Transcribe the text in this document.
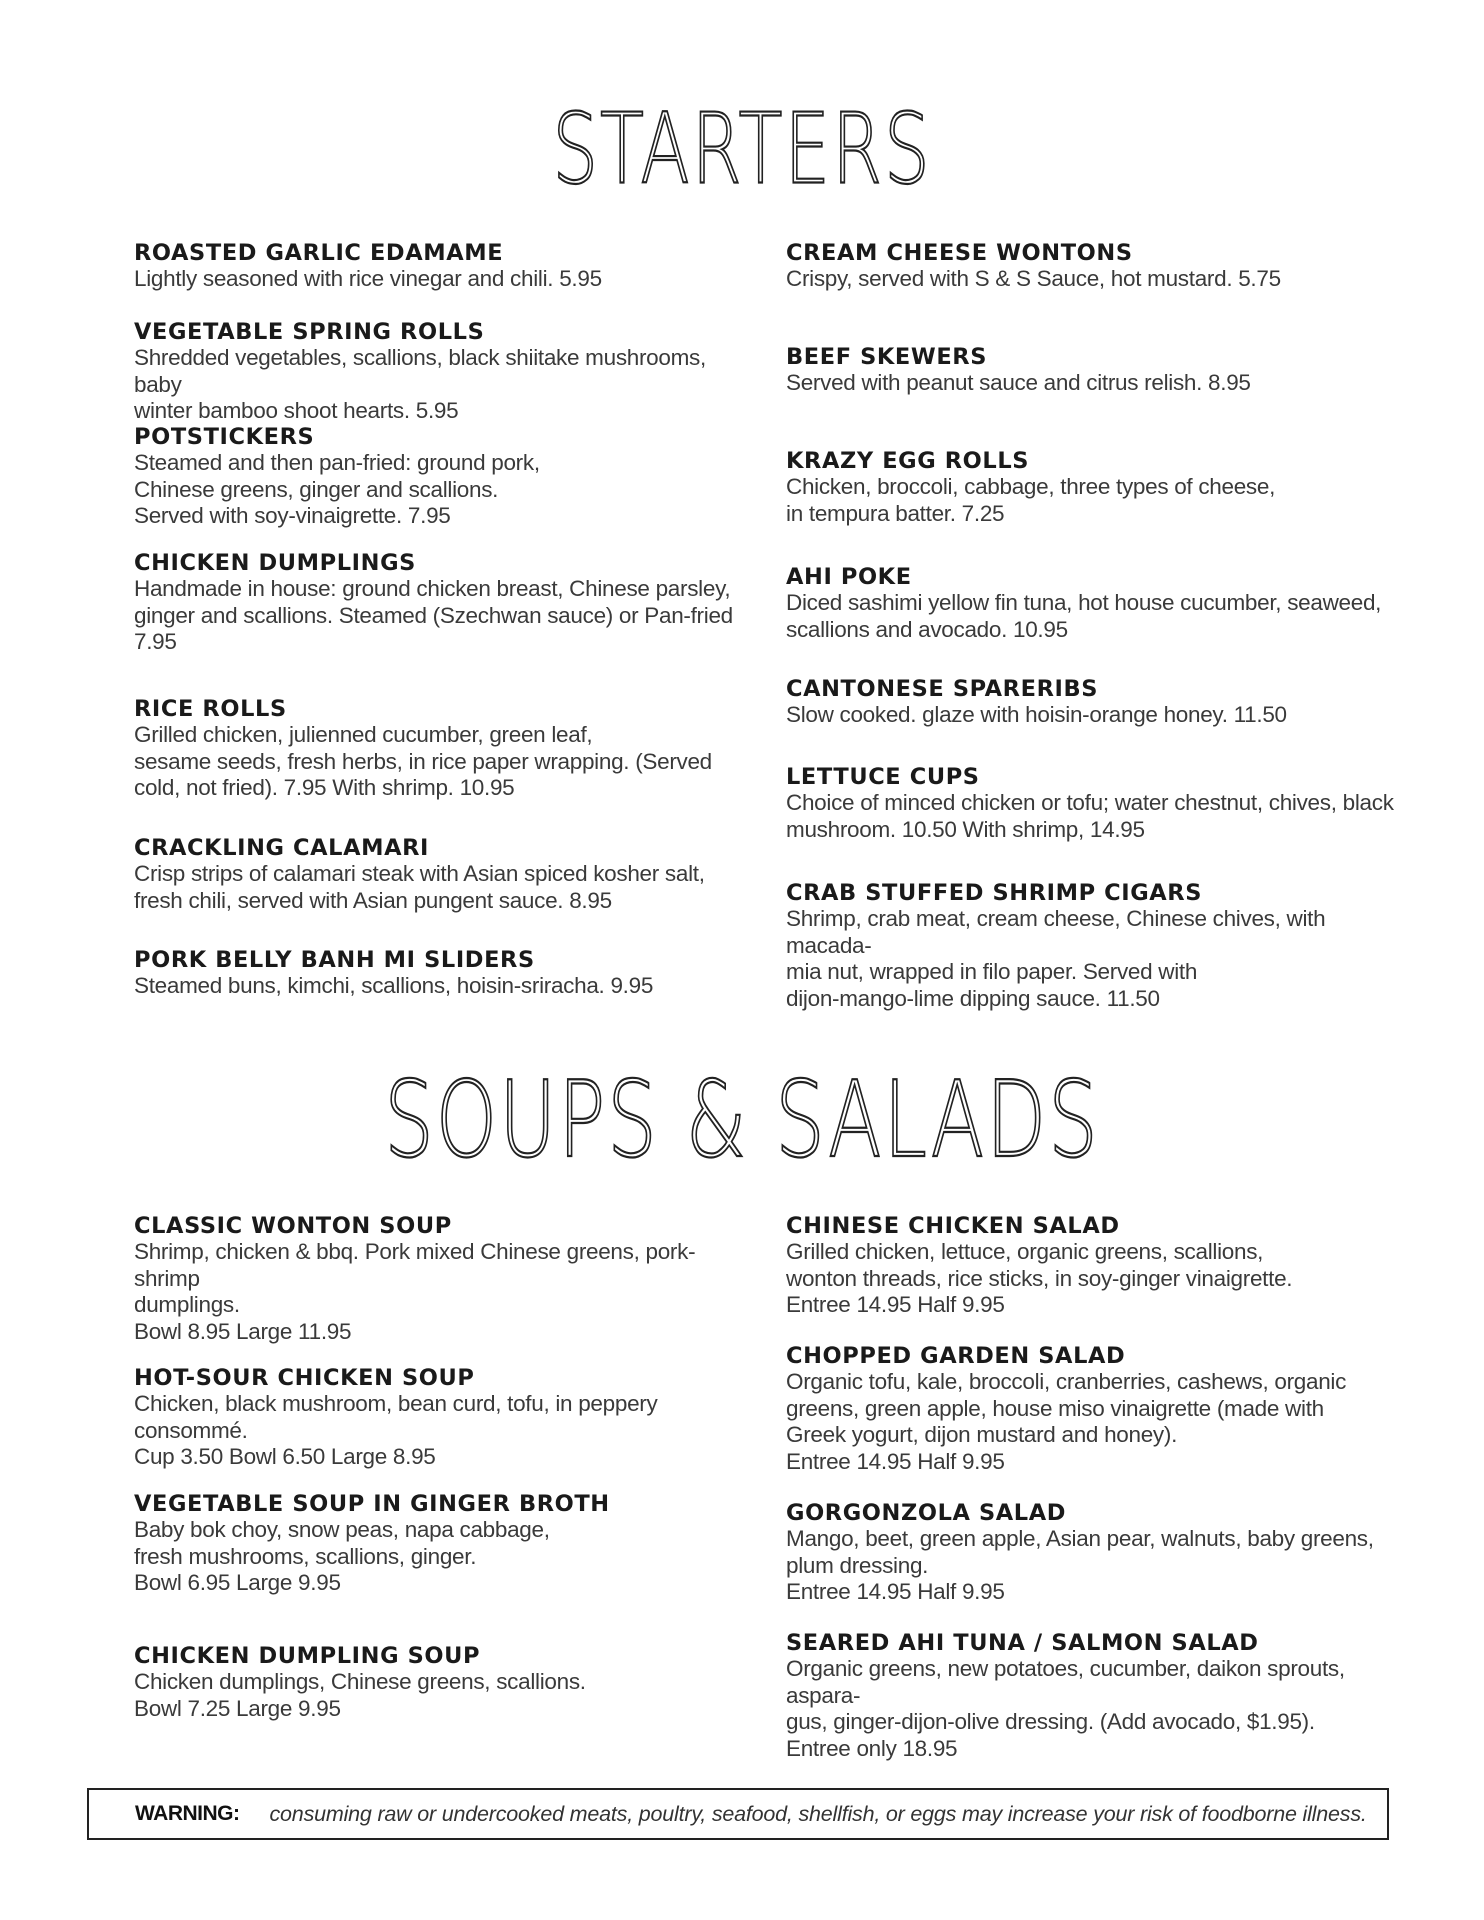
STARTERS
ROASTED GARLIC EDAMAME
Lightly seasoned with rice vinegar and chili. 5.95
VEGETABLE SPRING ROLLS
Shredded vegetables, scallions, black shiitake mushrooms, baby
winter bamboo shoot hearts. 5.95
POTSTICKERS
Steamed and then pan-fried: ground pork,
Chinese greens, ginger and scallions.
Served with soy-vinaigrette. 7.95
CHICKEN DUMPLINGS
Handmade in house: ground chicken breast, Chinese parsley,
ginger and scallions. Steamed (Szechwan sauce) or Pan-fried
7.95
RICE ROLLS
Grilled chicken, julienned cucumber, green leaf,
sesame seeds, fresh herbs, in rice paper wrapping. (Served
cold, not fried). 7.95 With shrimp. 10.95
CRACKLING CALAMARI
Crisp strips of calamari steak with Asian spiced kosher salt,
fresh chili, served with Asian pungent sauce. 8.95
PORK BELLY BANH MI SLIDERS
Steamed buns, kimchi, scallions, hoisin-sriracha. 9.95
CREAM CHEESE WONTONS
Crispy, served with S & S Sauce, hot mustard. 5.75
BEEF SKEWERS
Served with peanut sauce and citrus relish. 8.95
KRAZY EGG ROLLS
Chicken, broccoli, cabbage, three types of cheese,
in tempura batter. 7.25
AHI POKE
Diced sashimi yellow fin tuna, hot house cucumber, seaweed,
scallions and avocado. 10.95
CANTONESE SPARERIBS
Slow cooked. glaze with hoisin-orange honey. 11.50
LETTUCE CUPS
Choice of minced chicken or tofu; water chestnut, chives, black
mushroom. 10.50 With shrimp, 14.95
CRAB STUFFED SHRIMP CIGARS
Shrimp, crab meat, cream cheese, Chinese chives, with macada-
mia nut, wrapped in filo paper. Served with
dijon-mango-lime dipping sauce. 11.50
SOUPS & SALADS
CLASSIC WONTON SOUP
Shrimp, chicken & bbq. Pork mixed Chinese greens, pork-shrimp
dumplings.
Bowl 8.95 Large 11.95
HOT-SOUR CHICKEN SOUP
Chicken, black mushroom, bean curd, tofu, in peppery consommé.
Cup 3.50 Bowl 6.50 Large 8.95
VEGETABLE SOUP IN GINGER BROTH
Baby bok choy, snow peas, napa cabbage,
fresh mushrooms, scallions, ginger.
Bowl 6.95 Large 9.95
CHICKEN DUMPLING SOUP
Chicken dumplings, Chinese greens, scallions.
Bowl 7.25 Large 9.95
CHINESE CHICKEN SALAD
Grilled chicken, lettuce, organic greens, scallions,
wonton threads, rice sticks, in soy-ginger vinaigrette.
Entree 14.95 Half 9.95
CHOPPED GARDEN SALAD
Organic tofu, kale, broccoli, cranberries, cashews, organic
greens, green apple, house miso vinaigrette (made with
Greek yogurt, dijon mustard and honey).
Entree 14.95 Half 9.95
GORGONZOLA SALAD
Mango, beet, green apple, Asian pear, walnuts, baby greens,
plum dressing.
Entree 14.95 Half 9.95
SEARED AHI TUNA / SALMON SALAD
Organic greens, new potatoes, cucumber, daikon sprouts, aspara-
gus, ginger-dijon-olive dressing. (Add avocado, $1.95).
Entree only 18.95
WARNING: consuming raw or undercooked meats, poultry, seafood, shellfish, or eggs may increase your risk of foodborne illness.
